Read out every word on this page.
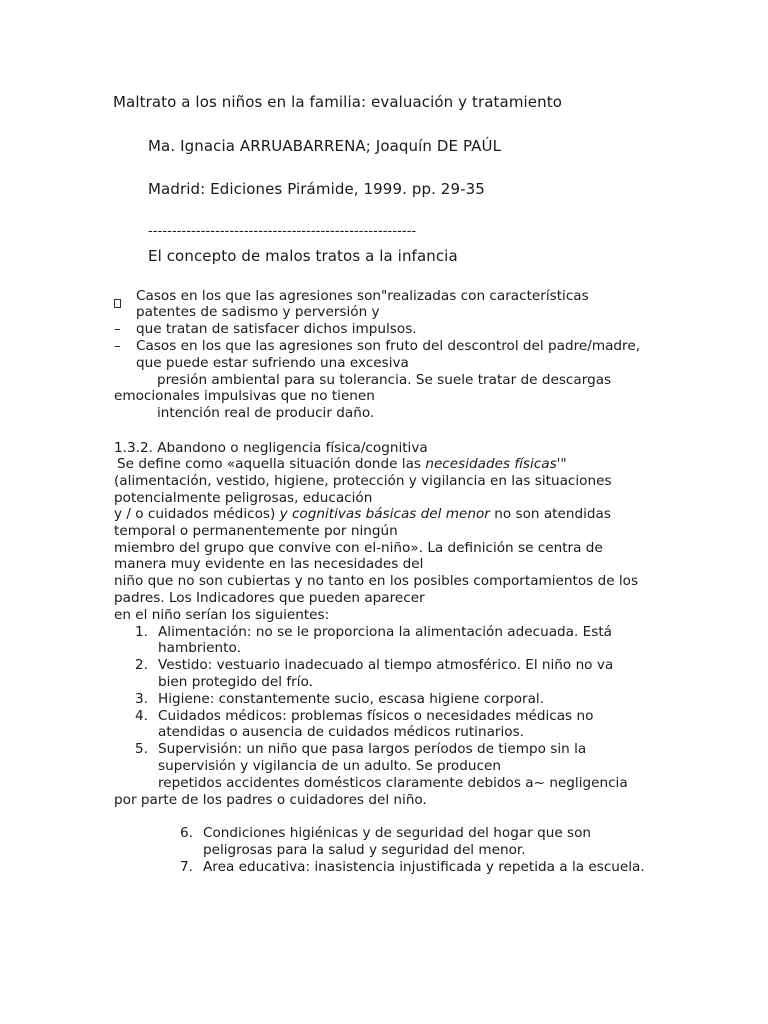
Maltrato a los niños en la familia: evaluación y tratamiento
Ma. Ignacia ARRUABARRENA; Joaquín DE PAÚL
Madrid: Ediciones Pirámide, 1999. pp. 29-35
--------------------------------------------------------
El concepto de malos tratos a la infancia
Casos en los que las agresiones son"realizadas con características
patentes de sadismo y perversión y
– que tratan de satisfacer dichos impulsos.
– Casos en los que las agresiones son fruto del descontrol del padre/madre,
que puede estar sufriendo una excesiva
presión ambiental para su tolerancia. Se suele tratar de descargas
emocionales impulsivas que no tienen
intención real de producir daño.
1.3.2. Abandono o negligencia física/cognitiva
Se define como «aquella situación donde las necesidades físicas'"
(alimentación, vestido, higiene, protección y vigilancia en las situaciones
potencialmente peligrosas, educación
y / o cuidados médicos) y cognitivas básicas del menor no son atendidas
temporal o permanentemente por ningún
miembro del grupo que convive con el-niño». La definición se centra de
manera muy evidente en las necesidades del
niño que no son cubiertas y no tanto en los posibles comportamientos de los
padres. Los Indicadores que pueden aparecer
en el niño serían los siguientes:
1. Alimentación: no se le proporciona la alimentación adecuada. Está
hambriento.
2. Vestido: vestuario inadecuado al tiempo atmosférico. El niño no va
bien protegido del frío.
3. Higiene: constantemente sucio, escasa higiene corporal.
4. Cuidados médicos: problemas físicos o necesidades médicas no
atendidas o ausencia de cuidados médicos rutinarios.
5. Supervisión: un niño que pasa largos períodos de tiempo sin la
supervisión y vigilancia de un adulto. Se producen
repetidos accidentes domésticos claramente debidos a~ negligencia
por parte de los padres o cuidadores del niño.
6. Condiciones higiénicas y de seguridad del hogar que son
peligrosas para la salud y seguridad del menor.
7. Area educativa: inasistencia injustificada y repetida a la escuela.
